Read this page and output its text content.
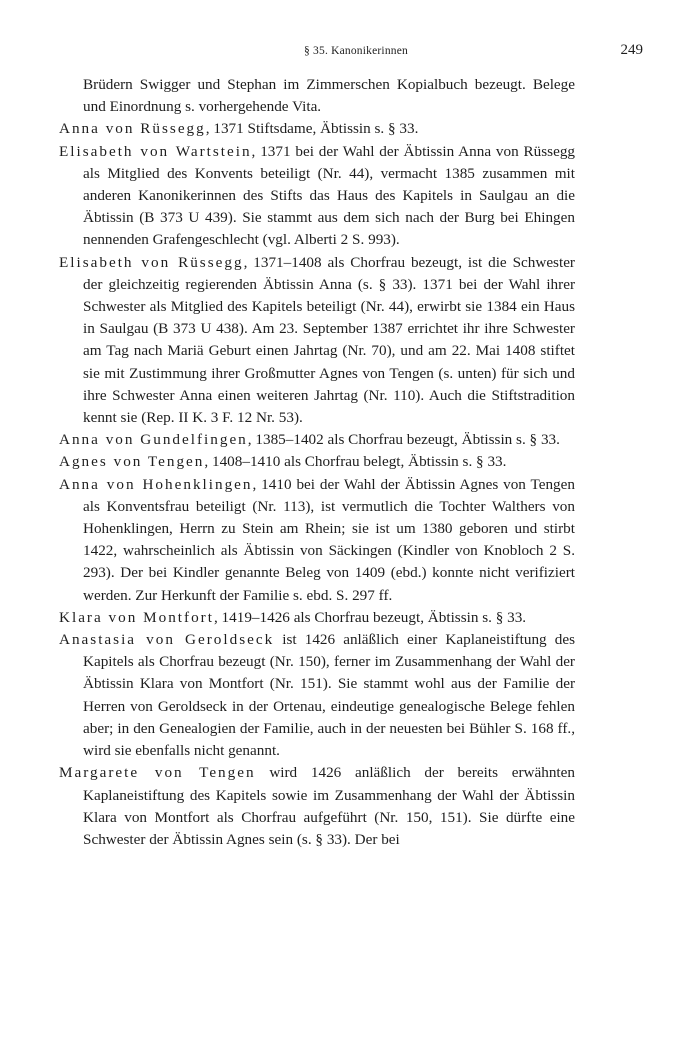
§ 35. Kanonikerinnen	249

Brüdern Swigger und Stephan im Zimmerschen Kopialbuch bezeugt. Belege und Einordnung s. vorhergehende Vita.

Anna von Rüssegg, 1371 Stiftsdame, Äbtissin s. § 33.

Elisabeth von Wartstein, 1371 bei der Wahl der Äbtissin Anna von Rüssegg als Mitglied des Konvents beteiligt (Nr. 44), vermacht 1385 zusammen mit anderen Kanonikerinnen des Stifts das Haus des Kapitels in Saulgau an die Äbtissin (B 373 U 439). Sie stammt aus dem sich nach der Burg bei Ehingen nennenden Grafengeschlecht (vgl. Alberti 2 S. 993).

Elisabeth von Rüssegg, 1371–1408 als Chorfrau bezeugt, ist die Schwester der gleichzeitig regierenden Äbtissin Anna (s. § 33). 1371 bei der Wahl ihrer Schwester als Mitglied des Kapitels beteiligt (Nr. 44), erwirbt sie 1384 ein Haus in Saulgau (B 373 U 438). Am 23. September 1387 errichtet ihr ihre Schwester am Tag nach Mariä Geburt einen Jahrtag (Nr. 70), und am 22. Mai 1408 stiftet sie mit Zustimmung ihrer Großmutter Agnes von Tengen (s. unten) für sich und ihre Schwester Anna einen weiteren Jahrtag (Nr. 110). Auch die Stiftstradition kennt sie (Rep. II K. 3 F. 12 Nr. 53).

Anna von Gundelfingen, 1385–1402 als Chorfrau bezeugt, Äbtissin s. § 33.

Agnes von Tengen, 1408–1410 als Chorfrau belegt, Äbtissin s. § 33.

Anna von Hohenklingen, 1410 bei der Wahl der Äbtissin Agnes von Tengen als Konventsfrau beteiligt (Nr. 113), ist vermutlich die Tochter Walthers von Hohenklingen, Herrn zu Stein am Rhein; sie ist um 1380 geboren und stirbt 1422, wahrscheinlich als Äbtissin von Säckingen (Kindler von Knobloch 2 S. 293). Der bei Kindler genannte Beleg von 1409 (ebd.) konnte nicht verifiziert werden. Zur Herkunft der Familie s. ebd. S. 297 ff.

Klara von Montfort, 1419–1426 als Chorfrau bezeugt, Äbtissin s. § 33.

Anastasia von Geroldseck ist 1426 anläßlich einer Kaplaneistiftung des Kapitels als Chorfrau bezeugt (Nr. 150), ferner im Zusammenhang der Wahl der Äbtissin Klara von Montfort (Nr. 151). Sie stammt wohl aus der Familie der Herren von Geroldseck in der Ortenau, eindeutige genealogische Belege fehlen aber; in den Genealogien der Familie, auch in der neuesten bei Bühler S. 168 ff., wird sie ebenfalls nicht genannt.

Margarete von Tengen wird 1426 anläßlich der bereits erwähnten Kaplaneistiftung des Kapitels sowie im Zusammenhang der Wahl der Äbtissin Klara von Montfort als Chorfrau aufgeführt (Nr. 150, 151). Sie dürfte eine Schwester der Äbtissin Agnes sein (s. § 33). Der bei
